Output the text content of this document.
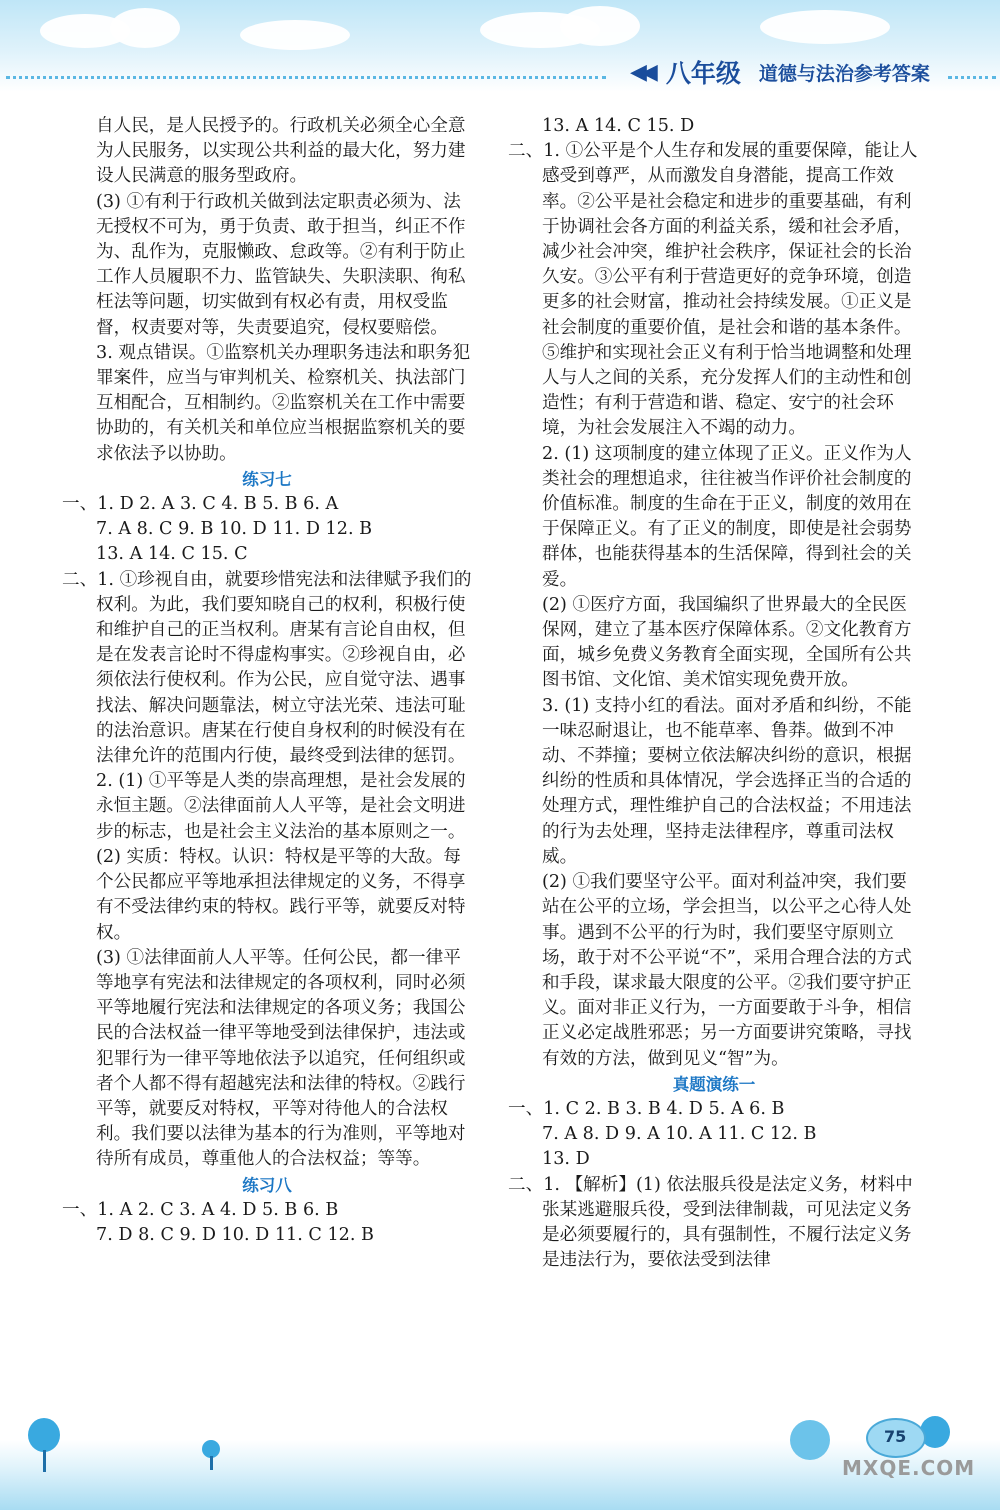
◀◀ 八年级 道德与法治参考答案

自人民，是人民授予的。行政机关必须全心全意为人民服务，以实现公共利益的最大化，努力建设人民满意的服务型政府。

(3) ①有利于行政机关做到法定职责必须为、法无授权不可为，勇于负责、敢于担当，纠正不作为、乱作为，克服懒政、怠政等。②有利于防止工作人员履职不力、监管缺失、失职渎职、徇私枉法等问题，切实做到有权必有责，用权受监督，权责要对等，失责要追究，侵权要赔偿。

3. 观点错误。①监察机关办理职务违法和职务犯罪案件，应当与审判机关、检察机关、执法部门互相配合，互相制约。②监察机关在工作中需要协助的，有关机关和单位应当根据监察机关的要求依法予以协助。

练习七

一、1. D 2. A 3. C 4. B 5. B 6. A

7. A 8. C 9. B 10. D 11. D 12. B

13. A 14. C 15. C

二、1. ①珍视自由，就要珍惜宪法和法律赋予我们的权利。为此，我们要知晓自己的权利，积极行使和维护自己的正当权利。唐某有言论自由权，但是在发表言论时不得虚构事实。②珍视自由，必须依法行使权利。作为公民，应自觉守法、遇事找法、解决问题靠法，树立守法光荣、违法可耻的法治意识。唐某在行使自身权利的时候没有在法律允许的范围内行使，最终受到法律的惩罚。

2. (1) ①平等是人类的崇高理想，是社会发展的永恒主题。②法律面前人人平等，是社会文明进步的标志，也是社会主义法治的基本原则之一。

(2) 实质：特权。认识：特权是平等的大敌。每个公民都应平等地承担法律规定的义务，不得享有不受法律约束的特权。践行平等，就要反对特权。

(3) ①法律面前人人平等。任何公民，都一律平等地享有宪法和法律规定的各项权利，同时必须平等地履行宪法和法律规定的各项义务；我国公民的合法权益一律平等地受到法律保护，违法或犯罪行为一律平等地依法予以追究，任何组织或者个人都不得有超越宪法和法律的特权。②践行平等，就要反对特权，平等对待他人的合法权利。我们要以法律为基本的行为准则，平等地对待所有成员，尊重他人的合法权益；等等。

练习八

一、1. A 2. C 3. A 4. D 5. B 6. B

7. D 8. C 9. D 10. D 11. C 12. B

13. A 14. C 15. D

二、1. ①公平是个人生存和发展的重要保障，能让人感受到尊严，从而激发自身潜能，提高工作效率。②公平是社会稳定和进步的重要基础，有利于协调社会各方面的利益关系，缓和社会矛盾，减少社会冲突，维护社会秩序，保证社会的长治久安。③公平有利于营造更好的竞争环境，创造更多的社会财富，推动社会持续发展。①正义是社会制度的重要价值，是社会和谐的基本条件。⑤维护和实现社会正义有利于恰当地调整和处理人与人之间的关系，充分发挥人们的主动性和创造性；有利于营造和谐、稳定、安宁的社会环境，为社会发展注入不竭的动力。

2. (1) 这项制度的建立体现了正义。正义作为人类社会的理想追求，往往被当作评价社会制度的价值标准。制度的生命在于正义，制度的效用在于保障正义。有了正义的制度，即使是社会弱势群体，也能获得基本的生活保障，得到社会的关爱。

(2) ①医疗方面，我国编织了世界最大的全民医保网，建立了基本医疗保障体系。②文化教育方面，城乡免费义务教育全面实现，全国所有公共图书馆、文化馆、美术馆实现免费开放。

3. (1) 支持小红的看法。面对矛盾和纠纷，不能一味忍耐退让，也不能草率、鲁莽。做到不冲动、不莽撞；要树立依法解决纠纷的意识，根据纠纷的性质和具体情况，学会选择正当的合适的处理方式，理性维护自己的合法权益；不用违法的行为去处理，坚持走法律程序，尊重司法权威。

(2) ①我们要坚守公平。面对利益冲突，我们要站在公平的立场，学会担当，以公平之心待人处事。遇到不公平的行为时，我们要坚守原则立场，敢于对不公平说“不”，采用合理合法的方式和手段，谋求最大限度的公平。②我们要守护正义。面对非正义行为，一方面要敢于斗争，相信正义必定战胜邪恶；另一方面要讲究策略，寻找有效的方法，做到见义“智”为。

真题演练一

一、1. C 2. B 3. B 4. D 5. A 6. B

7. A 8. D 9. A 10. A 11. C 12. B

13. D

二、1. 【解析】(1) 依法服兵役是法定义务，材料中张某逃避服兵役，受到法律制裁，可见法定义务是必须要履行的，具有强制性，不履行法定义务是违法行为，要依法受到法律

75
MXQE.COM
